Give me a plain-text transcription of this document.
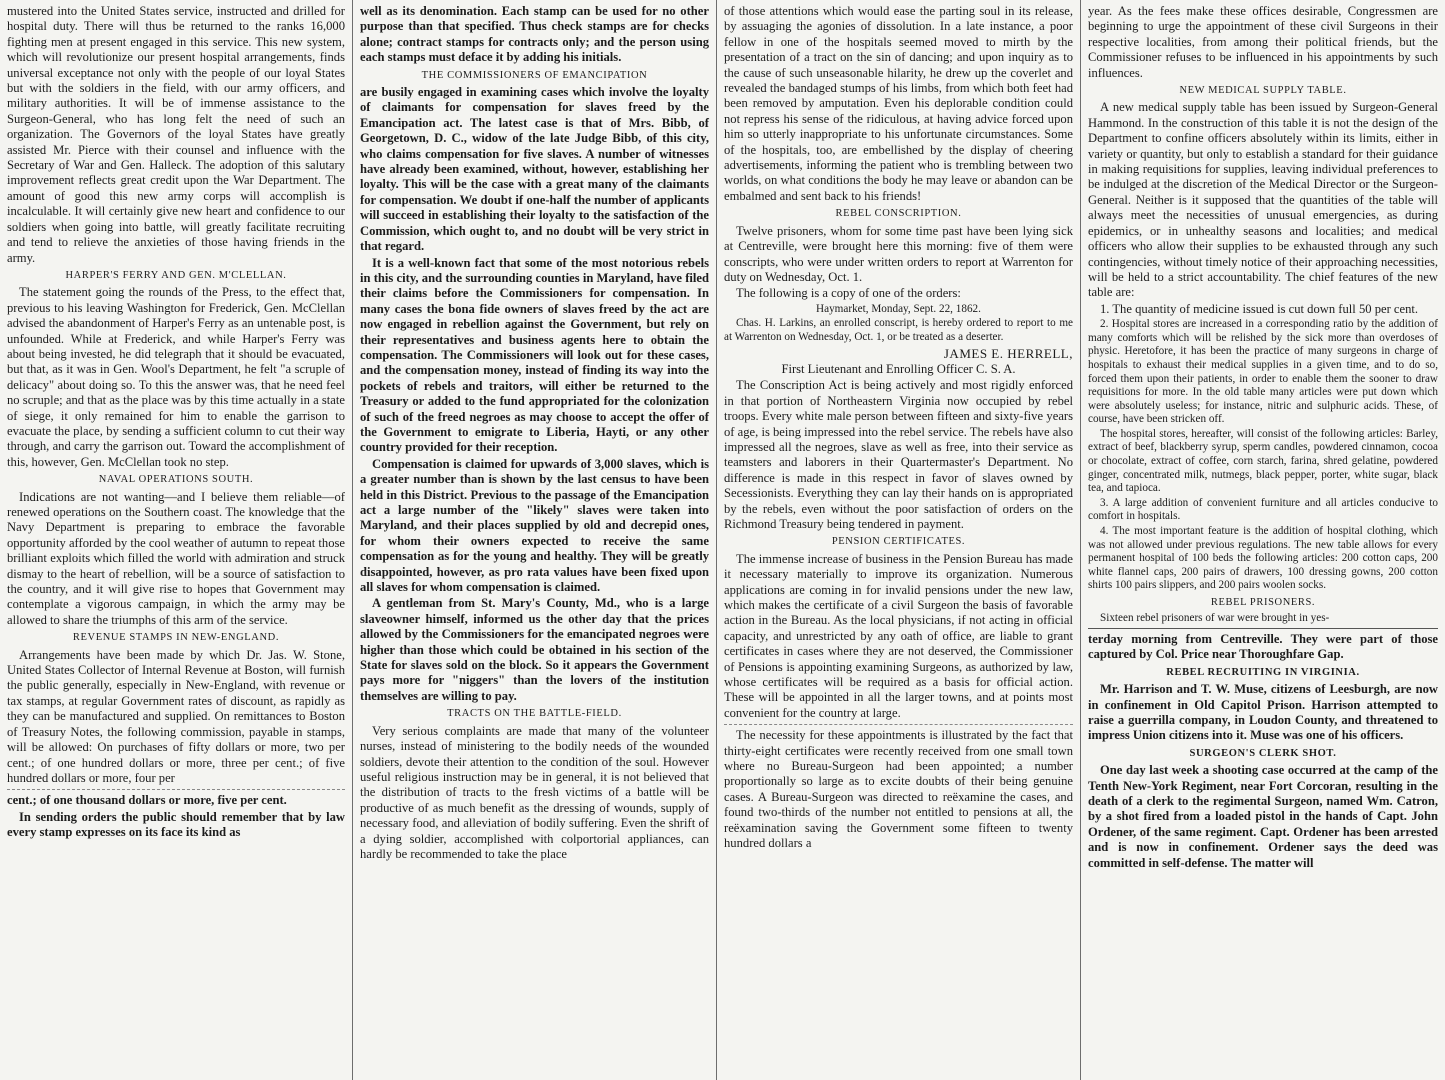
mustered into the United States service, instructed and drilled for hospital duty. There will thus be returned to the ranks 16,000 fighting men at present engaged in this service. This new system, which will revolutionize our present hospital arrangements, finds universal exceptance not only with the people of our loyal States but with the soldiers in the field, with our army officers, and military authorities. It will be of immense assistance to the Surgeon-General, who has long felt the need of such an organization. The Governors of the loyal States have greatly assisted Mr. Pierce with their counsel and influence with the Secretary of War and Gen. Halleck. The adoption of this salutary improvement reflects great credit upon the War Department. The amount of good this new army corps will accomplish is incalculable. It will certainly give new heart and confidence to our soldiers when going into battle, will greatly facilitate recruiting and tend to relieve the anxieties of those having friends in the army.

HARPER'S FERRY AND GEN. M'CLELLAN.

The statement going the rounds of the Press, to the effect that, previous to his leaving Washington for Frederick, Gen. McClellan advised the abandonment of Harper's Ferry as an untenable post, is unfounded. While at Frederick, and while Harper's Ferry was about being invested, he did telegraph that it should be evacuated, but that, as it was in Gen. Wool's Department, he felt "a scruple of delicacy" about doing so. To this the answer was, that he need feel no scruple; and that as the place was by this time actually in a state of siege, it only remained for him to enable the garrison to evacuate the place, by sending a sufficient column to cut their way through, and carry the garrison out. Toward the accomplishment of this, however, Gen. McClellan took no step.

NAVAL OPERATIONS SOUTH.

Indications are not wanting—and I believe them reliable—of renewed operations on the Southern coast. The knowledge that the Navy Department is preparing to embrace the favorable opportunity afforded by the cool weather of autumn to repeat those brilliant exploits which filled the world with admiration and struck dismay to the heart of rebellion, will be a source of satisfaction to the country, and it will give rise to hopes that Government may contemplate a vigorous campaign, in which the army may be allowed to share the triumphs of this arm of the service.

REVENUE STAMPS IN NEW-ENGLAND.

Arrangements have been made by which Dr. Jas. W. Stone, United States Collector of Internal Revenue at Boston, will furnish the public generally, especially in New-England, with revenue or tax stamps, at regular Government rates of discount, as rapidly as they can be manufactured and supplied. On remittances to Boston of Treasury Notes, the following commission, payable in stamps, will be allowed: On purchases of fifty dollars or more, two per cent.; of one hundred dollars or more, three per cent.; of five hundred dollars or more, four per

cent.; of one thousand dollars or more, five per cent.

In sending orders the public should remember that by law every stamp expresses on its face its kind as

well as its denomination. Each stamp can be used for no other purpose than that specified. Thus check stamps are for checks alone; contract stamps for contracts only; and the person using each stamps must deface it by adding his initials.

THE COMMISSIONERS OF EMANCIPATION

are busily engaged in examining cases which involve the loyalty of claimants for compensation for slaves freed by the Emancipation act. The latest case is that of Mrs. Bibb, of Georgetown, D. C., widow of the late Judge Bibb, of this city, who claims compensation for five slaves. A number of witnesses have already been examined, without, however, establishing her loyalty. This will be the case with a great many of the claimants for compensation. We doubt if one-half the number of applicants will succeed in establishing their loyalty to the satisfaction of the Commission, which ought to, and no doubt will be very strict in that regard.

It is a well-known fact that some of the most notorious rebels in this city, and the surrounding counties in Maryland, have filed their claims before the Commissioners for compensation. In many cases the bona fide owners of slaves freed by the act are now engaged in rebellion against the Government, but rely on their representatives and business agents here to obtain the compensation. The Commissioners will look out for these cases, and the compensation money, instead of finding its way into the pockets of rebels and traitors, will either be returned to the Treasury or added to the fund appropriated for the colonization of such of the freed negroes as may choose to accept the offer of the Government to emigrate to Liberia, Hayti, or any other country provided for their reception.

Compensation is claimed for upwards of 3,000 slaves, which is a greater number than is shown by the last census to have been held in this District. Previous to the passage of the Emancipation act a large number of the "likely" slaves were taken into Maryland, and their places supplied by old and decrepid ones, for whom their owners expected to receive the same compensation as for the young and healthy. They will be greatly disappointed, however, as pro rata values have been fixed upon all slaves for whom compensation is claimed.

A gentleman from St. Mary's County, Md., who is a large slaveowner himself, informed us the other day that the prices allowed by the Commissioners for the emancipated negroes were higher than those which could be obtained in his section of the State for slaves sold on the block. So it appears the Government pays more for "niggers" than the lovers of the institution themselves are willing to pay.

TRACTS ON THE BATTLE-FIELD.

Very serious complaints are made that many of the volunteer nurses, instead of ministering to the bodily needs of the wounded soldiers, devote their attention to the condition of the soul. However useful religious instruction may be in general, it is not believed that the distribution of tracts to the fresh victims of a battle will be productive of as much benefit as the dressing of wounds, supply of necessary food, and alleviation of bodily suffering. Even the shrift of a dying soldier, accomplished with colportorial appliances, can hardly be recommended to take the place

of those attentions which would ease the parting soul in its release, by assuaging the agonies of dissolution. In a late instance, a poor fellow in one of the hospitals seemed moved to mirth by the presentation of a tract on the sin of dancing; and upon inquiry as to the cause of such unseasonable hilarity, he drew up the coverlet and revealed the bandaged stumps of his limbs, from which both feet had been removed by amputation. Even his deplorable condition could not repress his sense of the ridiculous, at having advice forced upon him so utterly inappropriate to his unfortunate circumstances. Some of the hospitals, too, are embellished by the display of cheering advertisements, informing the patient who is trembling between two worlds, on what conditions the body he may leave or abandon can be embalmed and sent back to his friends!

REBEL CONSCRIPTION.

Twelve prisoners, whom for some time past have been lying sick at Centreville, were brought here this morning: five of them were conscripts, who were under written orders to report at Warrenton for duty on Wednesday, Oct. 1.

The following is a copy of one of the orders:

Haymarket, Monday, Sept. 22, 1862.

Chas. H. Larkins, an enrolled conscript, is hereby ordered to report to me at Warrenton on Wednesday, Oct. 1, or be treated as a deserter.

JAMES E. HERRELL,

First Lieutenant and Enrolling Officer C. S. A.

The Conscription Act is being actively and most rigidly enforced in that portion of Northeastern Virginia now occupied by rebel troops. Every white male person between fifteen and sixty-five years of age, is being impressed into the rebel service. The rebels have also impressed all the negroes, slave as well as free, into their service as teamsters and laborers in their Quartermaster's Department. No difference is made in this respect in favor of slaves owned by Secessionists. Everything they can lay their hands on is appropriated by the rebels, even without the poor satisfaction of orders on the Richmond Treasury being tendered in payment.

PENSION CERTIFICATES.

The immense increase of business in the Pension Bureau has made it necessary materially to improve its organization. Numerous applications are coming in for invalid pensions under the new law, which makes the certificate of a civil Surgeon the basis of favorable action in the Bureau. As the local physicians, if not acting in official capacity, and unrestricted by any oath of office, are liable to grant certificates in cases where they are not deserved, the Commissioner of Pensions is appointing examining Surgeons, as authorized by law, whose certificates will be required as a basis for official action. These will be appointed in all the larger towns, and at points most convenient for the country at large.

The necessity for these appointments is illustrated by the fact that thirty-eight certificates were recently received from one small town where no Bureau-Surgeon had been appointed; a number proportionally so large as to excite doubts of their being genuine cases. A Bureau-Surgeon was directed to reëxamine the cases, and found two-thirds of the number not entitled to pensions at all, the reëxamination saving the Government some fifteen to twenty hundred dollars a

year. As the fees make these offices desirable, Congressmen are beginning to urge the appointment of these civil Surgeons in their respective localities, from among their political friends, but the Commissioner refuses to be influenced in his appointments by such influences.

NEW MEDICAL SUPPLY TABLE.

A new medical supply table has been issued by Surgeon-General Hammond. In the construction of this table it is not the design of the Department to confine officers absolutely within its limits, either in variety or quantity, but only to establish a standard for their guidance in making requisitions for supplies, leaving individual preferences to be indulged at the discretion of the Medical Director or the Surgeon-General. Neither is it supposed that the quantities of the table will always meet the necessities of unusual emergencies, as during epidemics, or in unhealthy seasons and localities; and medical officers who allow their supplies to be exhausted through any such contingencies, without timely notice of their approaching necessities, will be held to a strict accountability. The chief features of the new table are:

1. The quantity of medicine issued is cut down full 50 per cent.

2. Hospital stores are increased in a corresponding ratio by the addition of many comforts which will be relished by the sick more than overdoses of physic. Heretofore, it has been the practice of many surgeons in charge of hospitals to exhaust their medical supplies in a given time, and to do so, forced them upon their patients, in order to enable them the sooner to draw requisitions for more. In the old table many articles were put down which were absolutely useless; for instance, nitric and sulphuric acids. These, of course, have been stricken off.

The hospital stores, hereafter, will consist of the following articles: Barley, extract of beef, blackberry syrup, sperm candles, powdered cinnamon, cocoa or chocolate, extract of coffee, corn starch, farina, shred gelatine, powdered ginger, concentrated milk, nutmegs, black pepper, porter, white sugar, black tea, and tapioca.

3. A large addition of convenient furniture and all articles conducive to comfort in hospitals.

4. The most important feature is the addition of hospital clothing, which was not allowed under previous regulations. The new table allows for every permanent hospital of 100 beds the following articles: 200 cotton caps, 200 white flannel caps, 200 pairs of drawers, 100 dressing gowns, 200 cotton shirts 100 pairs slippers, and 200 pairs woolen socks.

REBEL PRISONERS.

Sixteen rebel prisoners of war were brought in yes-

terday morning from Centreville. They were part of those captured by Col. Price near Thoroughfare Gap.

REBEL RECRUITING IN VIRGINIA.

Mr. Harrison and T. W. Muse, citizens of Leesburgh, are now in confinement in Old Capitol Prison. Harrison attempted to raise a guerrilla company, in Loudon County, and threatened to impress Union citizens into it. Muse was one of his officers.

SURGEON'S CLERK SHOT.

One day last week a shooting case occurred at the camp of the Tenth New-York Regiment, near Fort Corcoran, resulting in the death of a clerk to the regimental Surgeon, named Wm. Catron, by a shot fired from a loaded pistol in the hands of Capt. John Ordener, of the same regiment. Capt. Ordener has been arrested and is now in confinement. Ordener says the deed was committed in self-defense. The matter will
